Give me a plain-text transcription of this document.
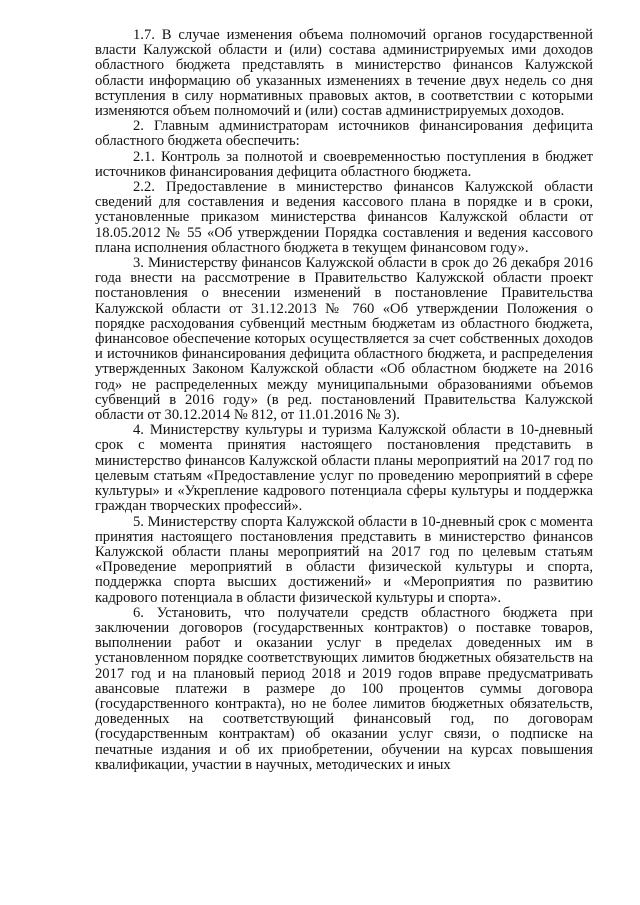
1.7. В случае изменения объема полномочий органов государственной власти Калужской области и (или) состава администрируемых ими доходов областного бюджета представлять в министерство финансов Калужской области информацию об указанных изменениях в течение двух недель со дня вступления в силу нормативных правовых актов, в соответствии с которыми изменяются объем полномочий и (или) состав администрируемых доходов.

2. Главным администраторам источников финансирования дефицита областного бюджета обеспечить:

2.1. Контроль за полнотой и своевременностью поступления в бюджет источников финансирования дефицита областного бюджета.

2.2. Предоставление в министерство финансов Калужской области сведений для составления и ведения кассового плана в порядке и в сроки, установленные приказом министерства финансов Калужской области от 18.05.2012 № 55 «Об утверждении Порядка составления и ведения кассового плана исполнения областного бюджета в текущем финансовом году».

3. Министерству финансов Калужской области в срок до 26 декабря 2016 года внести на рассмотрение в Правительство Калужской области проект постановления о внесении изменений в постановление Правительства Калужской области от 31.12.2013 № 760 «Об утверждении Положения о порядке расходования субвенций местным бюджетам из областного бюджета, финансовое обеспечение которых осуществляется за счет собственных доходов и источников финансирования дефицита областного бюджета, и распределения утвержденных Законом Калужской области «Об областном бюджете на 2016 год» не распределенных между муниципальными образованиями объемов субвенций в 2016 году» (в ред. постановлений Правительства Калужской области от 30.12.2014 № 812, от 11.01.2016 № 3).

4. Министерству культуры и туризма Калужской области в 10-дневный срок с момента принятия настоящего постановления представить в министерство финансов Калужской области планы мероприятий на 2017 год по целевым статьям «Предоставление услуг по проведению мероприятий в сфере культуры» и «Укрепление кадрового потенциала сферы культуры и поддержка граждан творческих профессий».

5. Министерству спорта Калужской области в 10-дневный срок с момента принятия настоящего постановления представить в министерство финансов Калужской области планы мероприятий на 2017 год по целевым статьям «Проведение мероприятий в области физической культуры и спорта, поддержка спорта высших достижений» и «Мероприятия по развитию кадрового потенциала в области физической культуры и спорта».

6. Установить, что получатели средств областного бюджета при заключении договоров (государственных контрактов) о поставке товаров, выполнении работ и оказании услуг в пределах доведенных им в установленном порядке соответствующих лимитов бюджетных обязательств на 2017 год и на плановый период 2018 и 2019 годов вправе предусматривать авансовые платежи в размере до 100 процентов суммы договора (государственного контракта), но не более лимитов бюджетных обязательств, доведенных на соответствующий финансовый год, по договорам (государственным контрактам) об оказании услуг связи, о подписке на печатные издания и об их приобретении, обучении на курсах повышения квалификации, участии в научных, методических и иных
